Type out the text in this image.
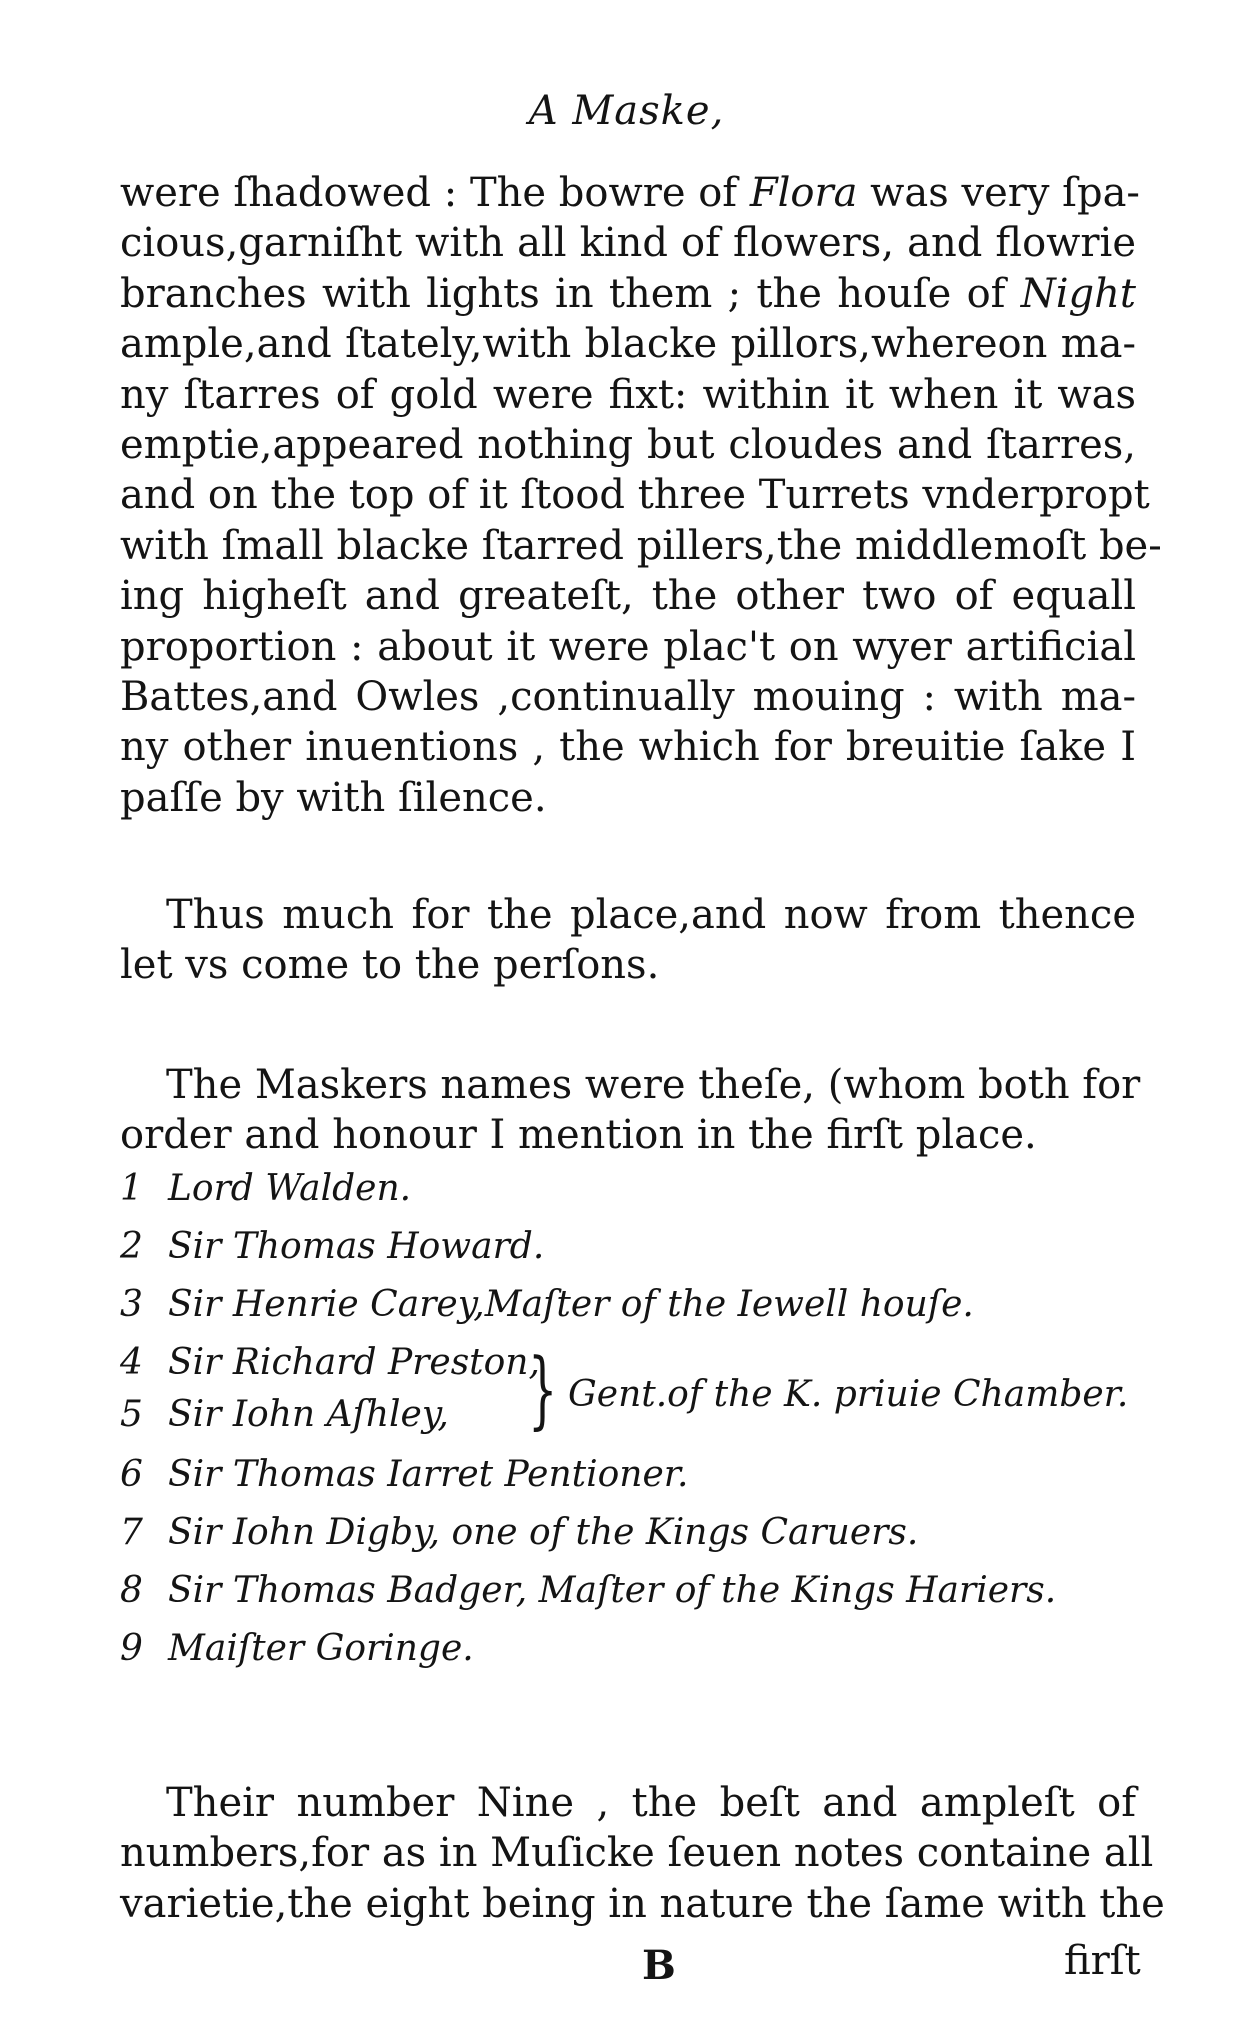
A Maske,
were ſhadowed : The bowre of Flora was very ſpa-
cious,garniſht with all kind of flowers, and flowrie
branches with lights in them ; the houſe of Night
ample,and ſtately,with blacke pillors,whereon ma-
ny ſtarres of gold were fixt: within it when it was
emptie,appeared nothing but cloudes and ſtarres,
and on the top of it ſtood three Turrets vnderpropt
with ſmall blacke ſtarred pillers,the middlemoſt be-
ing higheſt and greateſt, the other two of equall
proportion : about it were plac't on wyer artificial
Battes,and Owles ,continually mouing : with ma-
ny other inuentions , the which for breuitie ſake I
paſſe by with ſilence.
Thus much for the place,and now from thence
let vs come to the perſons.
The Maskers names were theſe, (whom both for
order and honour I mention in the firſt place.
1 Lord Walden.
2 Sir Thomas Howard.
3 Sir Henrie Carey,Maſter of the Iewell houſe.
4 Sir Richard Preston,
5 Sir Iohn Aſhley, } Gent.of the K. priuie Chamber.
6 Sir Thomas Iarret Pentioner.
7 Sir Iohn Digby, one of the Kings Caruers.
8 Sir Thomas Badger, Maſter of the Kings Hariers.
9 Maiſter Goringe.
Their number Nine , the beſt and ampleſt of
numbers,for as in Muſicke ſeuen notes containe all
varietie,the eight being in nature the ſame with the
B	firſt
